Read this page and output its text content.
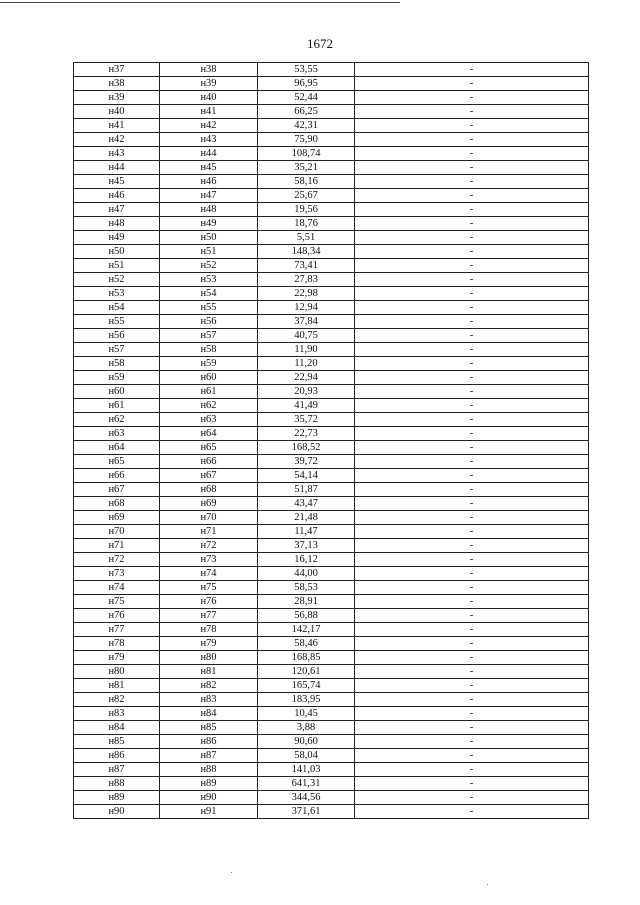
1672
н37	н38	53,55	-
н38	н39	96,95	-
н39	н40	52,44	-
н40	н41	66,25	-
н41	н42	42,31	-
н42	н43	75,90	-
н43	н44	108,74	-
н44	н45	35,21	-
н45	н46	58,16	-
н46	н47	25,67	-
н47	н48	19,56	-
н48	н49	18,76	-
н49	н50	5,51	-
н50	н51	148,34	-
н51	н52	73,41	-
н52	н53	27,83	-
н53	н54	22,98	-
н54	н55	12,94	-
н55	н56	37,84	-
н56	н57	40,75	-
н57	н58	11,90	-
н58	н59	11,20	-
н59	н60	22,94	-
н60	н61	20,93	-
н61	н62	41,49	-
н62	н63	35,72	-
н63	н64	22,73	-
н64	н65	168,52	-
н65	н66	39,72	-
н66	н67	54,14	-
н67	н68	51,87	-
н68	н69	43,47	-
н69	н70	21,48	-
н70	н71	11,47	-
н71	н72	37,13	-
н72	н73	16,12	-
н73	н74	44,00	-
н74	н75	58,53	-
н75	н76	28,91	-
н76	н77	56,88	-
н77	н78	142,17	-
н78	н79	58,46	-
н79	н80	168,85	-
н80	н81	120,61	-
н81	н82	165,74	-
н82	н83	183,95	-
н83	н84	10,45	-
н84	н85	3,88	-
н85	н86	90,60	-
н86	н87	58,04	-
н87	н88	141,03	-
н88	н89	641,31	-
н89	н90	344,56	-
н90	н91	371,61	-
